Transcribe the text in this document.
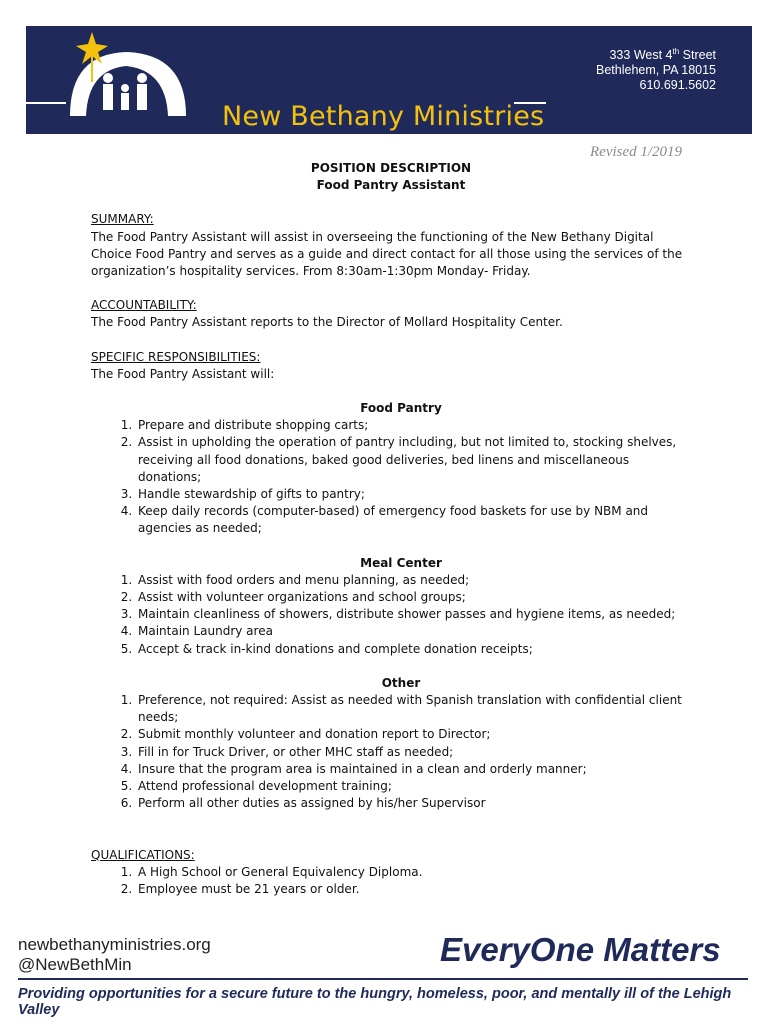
New Bethany Ministries
333 West 4th Street
Bethlehem, PA 18015
610.691.5602
Revised 1/2019
POSITION DESCRIPTION
Food Pantry Assistant
SUMMARY:
The Food Pantry Assistant will assist in overseeing the functioning of the New Bethany Digital Choice Food Pantry and serves as a guide and direct contact for all those using the services of the organization’s hospitality services. From 8:30am-1:30pm Monday- Friday.
ACCOUNTABILITY:
The Food Pantry Assistant reports to the Director of Mollard Hospitality Center.
SPECIFIC RESPONSIBILITIES:
The Food Pantry Assistant will:
Food Pantry
1. Prepare and distribute shopping carts;
2. Assist in upholding the operation of pantry including, but not limited to, stocking shelves, receiving all food donations, baked good deliveries, bed linens and miscellaneous donations;
3. Handle stewardship of gifts to pantry;
4. Keep daily records (computer-based) of emergency food baskets for use by NBM and agencies as needed;
Meal Center
1. Assist with food orders and menu planning, as needed;
2. Assist with volunteer organizations and school groups;
3. Maintain cleanliness of showers, distribute shower passes and hygiene items, as needed;
4. Maintain Laundry area
5. Accept & track in-kind donations and complete donation receipts;
Other
1. Preference, not required: Assist as needed with Spanish translation with confidential client needs;
2. Submit monthly volunteer and donation report to Director;
3. Fill in for Truck Driver, or other MHC staff as needed;
4. Insure that the program area is maintained in a clean and orderly manner;
5. Attend professional development training;
6. Perform all other duties as assigned by his/her Supervisor
QUALIFICATIONS:
1. A High School or General Equivalency Diploma.
2. Employee must be 21 years or older.
newbethanyministries.org
@NewBethMin	EveryOne Matters
Providing opportunities for a secure future to the hungry, homeless, poor, and mentally ill of the Lehigh Valley
